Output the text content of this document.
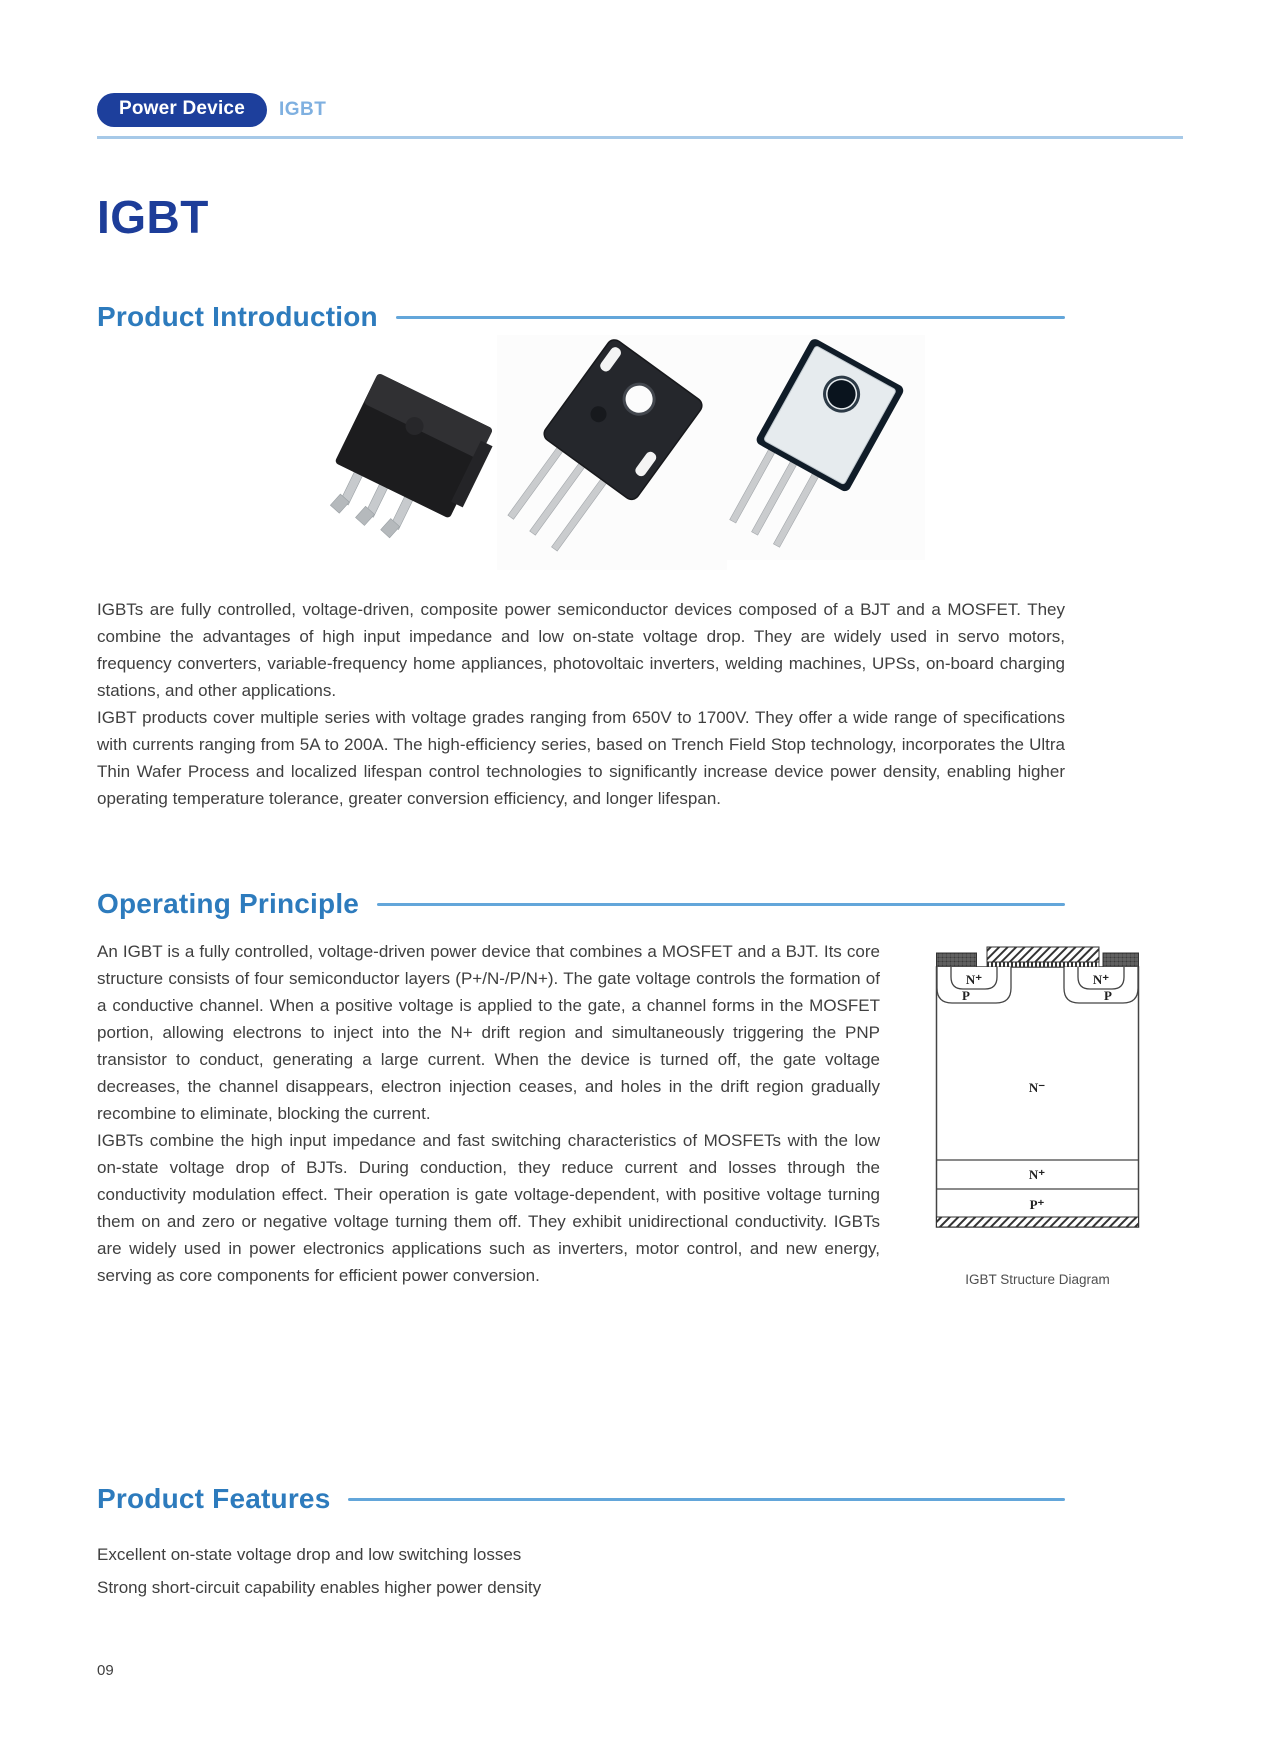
Power Device	IGBT
IGBT
Product Introduction

IGBTs are fully controlled, voltage-driven, composite power semiconductor devices composed of a BJT and a MOSFET. They combine the advantages of high input impedance and low on-state voltage drop. They are widely used in servo motors, frequency converters, variable-frequency home appliances, photovoltaic inverters, welding machines, UPSs, on-board charging stations, and other applications.

IGBT products cover multiple series with voltage grades ranging from 650V to 1700V. They offer a wide range of specifications with currents ranging from 5A to 200A. The high-efficiency series, based on Trench Field Stop technology, incorporates the Ultra Thin Wafer Process and localized lifespan control technologies to significantly increase device power density, enabling higher operating temperature tolerance, greater conversion efficiency, and longer lifespan.

Operating Principle
N⁺
P
N⁺
P
N⁻
N⁺
P⁺
IGBT Structure Diagram

An IGBT is a fully controlled, voltage-driven power device that combines a MOSFET and a BJT. Its core structure consists of four semiconductor layers (P+/N-/P/N+). The gate voltage controls the formation of a conductive channel. When a positive voltage is applied to the gate, a channel forms in the MOSFET portion, allowing electrons to inject into the N+ drift region and simultaneously triggering the PNP transistor to conduct, generating a large current. When the device is turned off, the gate voltage decreases, the channel disappears, electron injection ceases, and holes in the drift region gradually recombine to eliminate, blocking the current.

IGBTs combine the high input impedance and fast switching characteristics of MOSFETs with the low on-state voltage drop of BJTs. During conduction, they reduce current and losses through the conductivity modulation effect. Their operation is gate voltage-dependent, with positive voltage turning them on and zero or negative voltage turning them off. They exhibit unidirectional conductivity. IGBTs are widely used in power electronics applications such as inverters, motor control, and new energy, serving as core components for efficient power conversion.

Product Features
Excellent on-state voltage drop and low switching losses
Strong short-circuit capability enables higher power density
09
